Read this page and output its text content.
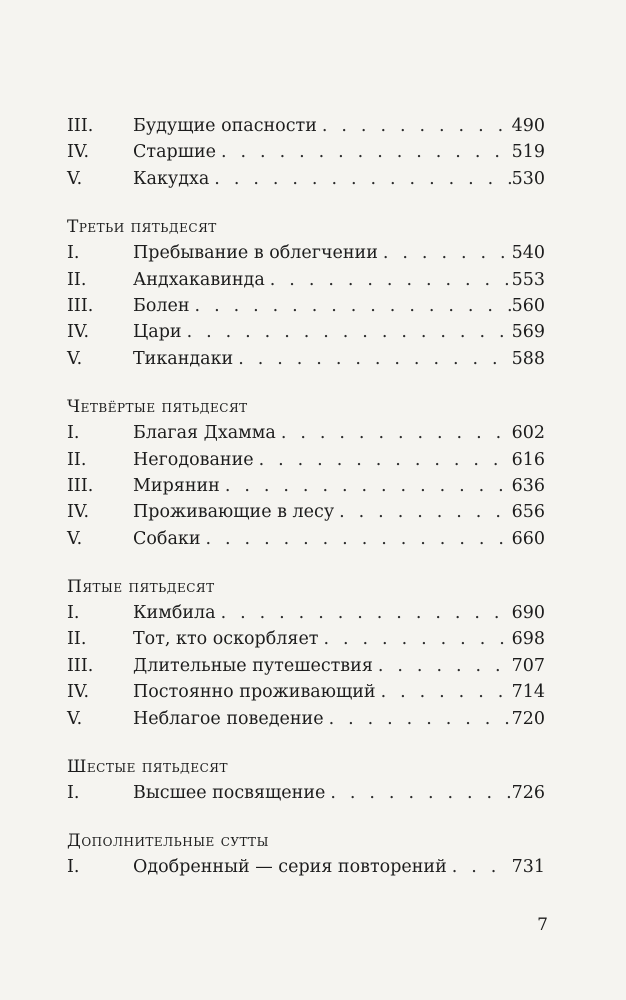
III.	Будущие опасности . . .	490
IV.	Старшие . . .	519
V.	Какудха . . .	530
Третьи пятьдесят
I.	Пребывание в облегчении . . .	540
II.	Андхакавинда . . .	553
III.	Болен . . .	560
IV.	Цари . . .	569
V.	Тикандаки . . .	588
Четвёртые пятьдесят
I.	Благая Дхамма . . .	602
II.	Негодование . . .	616
III.	Мирянин . . .	636
IV.	Проживающие в лесу . . .	656
V.	Собаки . . .	660
Пятые пятьдесят
I.	Кимбила . . .	690
II.	Тот, кто оскорбляет . . .	698
III.	Длительные путешествия . . .	707
IV.	Постоянно проживающий . . .	714
V.	Неблагое поведение . . .	720
Шестые пятьдесят
I.	Высшее посвящение . . .	726
Дополнительные сутты
I.	Одобренный — серия повторений . . .	731
7
